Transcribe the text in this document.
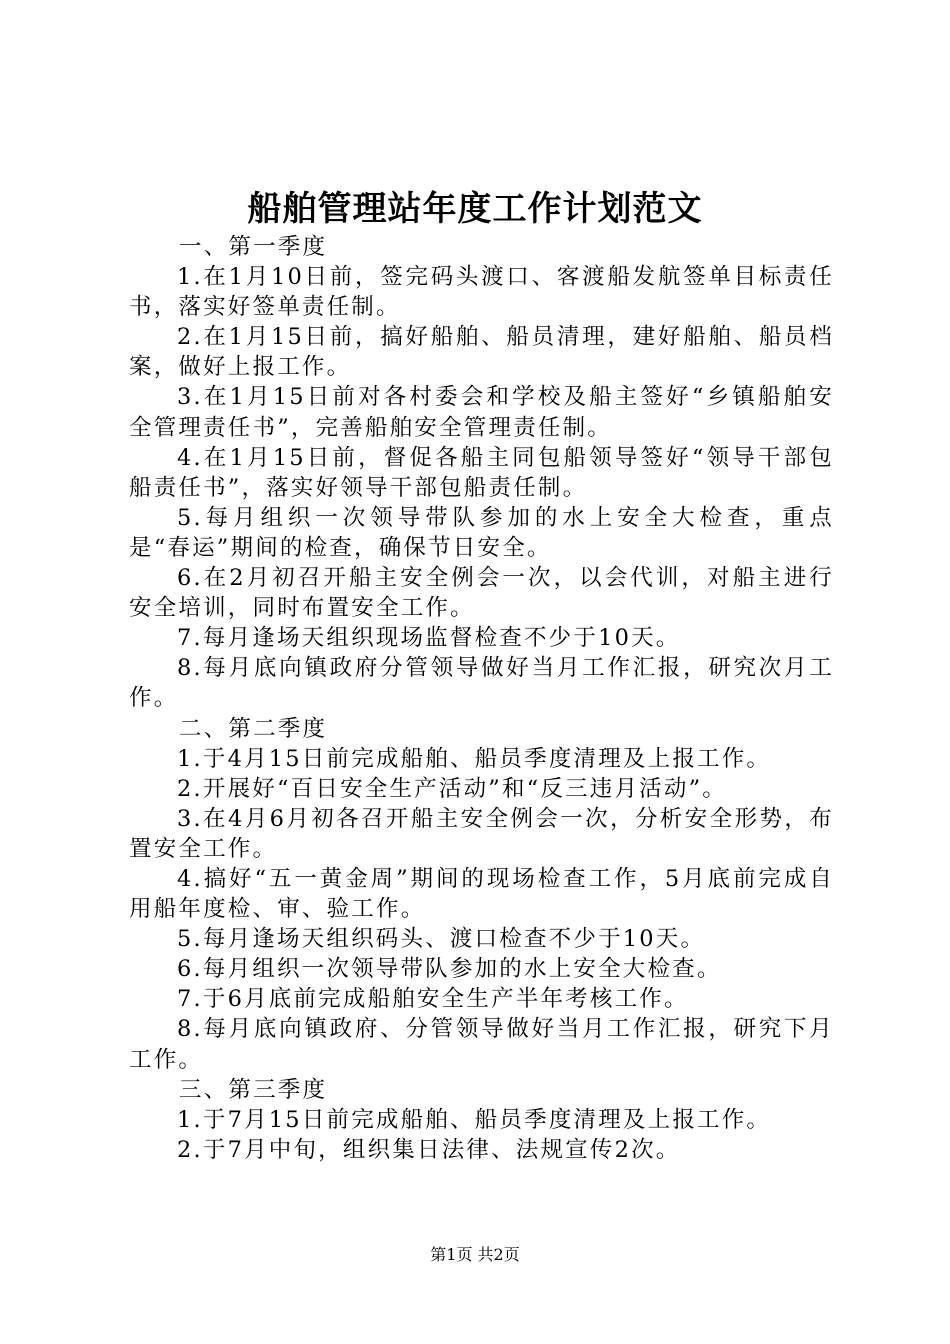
船舶管理站年度工作计划范文

一、第一季度

1.在1月10日前，签完码头渡口、客渡船发航签单目标责任书，落实好签单责任制。

2.在1月15日前，搞好船舶、船员清理，建好船舶、船员档案，做好上报工作。

3.在1月15日前对各村委会和学校及船主签好“乡镇船舶安全管理责任书”，完善船舶安全管理责任制。

4.在1月15日前，督促各船主同包船领导签好“领导干部包船责任书”，落实好领导干部包船责任制。

5.每月组织一次领导带队参加的水上安全大检查，重点是“春运”期间的检查，确保节日安全。

6.在2月初召开船主安全例会一次，以会代训，对船主进行安全培训，同时布置安全工作。

7.每月逢场天组织现场监督检查不少于10天。

8.每月底向镇政府分管领导做好当月工作汇报，研究次月工作。

二、第二季度

1.于4月15日前完成船舶、船员季度清理及上报工作。

2.开展好“百日安全生产活动”和“反三违月活动”。

3.在4月6月初各召开船主安全例会一次，分析安全形势，布置安全工作。

4.搞好“五一黄金周”期间的现场检查工作，5月底前完成自用船年度检、审、验工作。

5.每月逢场天组织码头、渡口检查不少于10天。

6.每月组织一次领导带队参加的水上安全大检查。

7.于6月底前完成船舶安全生产半年考核工作。

8.每月底向镇政府、分管领导做好当月工作汇报，研究下月工作。

三、第三季度

1.于7月15日前完成船舶、船员季度清理及上报工作。

2.于7月中旬，组织集日法律、法规宣传2次。

第1页 共2页
